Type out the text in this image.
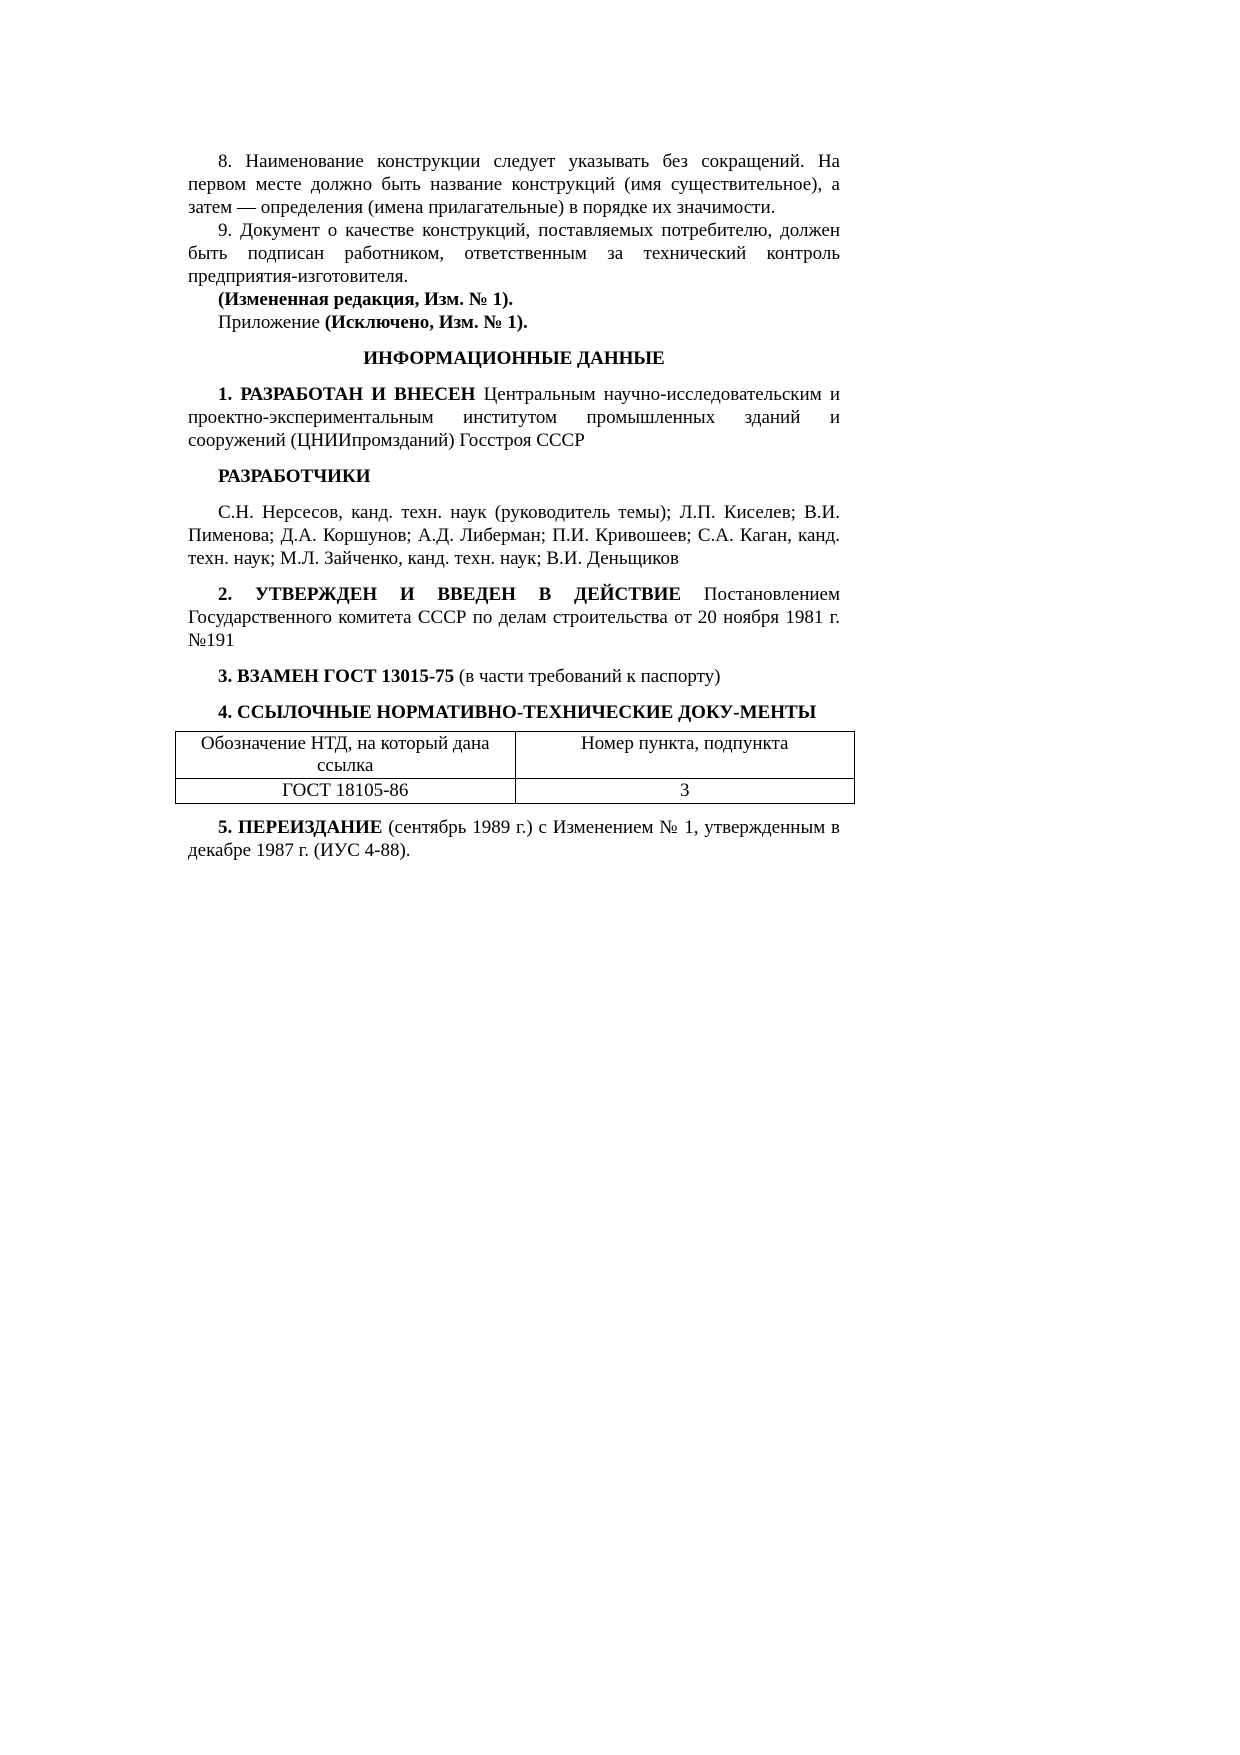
8. Наименование конструкции следует указывать без сокращений. На первом месте должно быть название конструкций (имя существительное), а затем — определения (имена прилагательные) в порядке их значимости.

9. Документ о качестве конструкций, поставляемых потребителю, должен быть подписан работником, ответственным за технический контроль предприятия-изготовителя.

(Измененная редакция, Изм. № 1).

Приложение (Исключено, Изм. № 1).

ИНФОРМАЦИОННЫЕ ДАННЫЕ

1. РАЗРАБОТАН И ВНЕСЕН Центральным научно-исследовательским и проектно-экспериментальным институтом промышленных зданий и сооружений (ЦНИИпромзданий) Госстроя СССР

РАЗРАБОТЧИКИ

С.Н. Нерсесов, канд. техн. наук (руководитель темы); Л.П. Киселев; В.И. Пименова; Д.А. Коршунов; А.Д. Либерман; П.И. Кривошеев; С.А. Каган, канд. техн. наук; М.Л. Зайченко, канд. техн. наук; В.И. Деньщиков

2. УТВЕРЖДЕН И ВВЕДЕН В ДЕЙСТВИЕ Постановлением Государственного комитета СССР по делам строительства от 20 ноября 1981 г. №191

3. ВЗАМЕН ГОСТ 13015-75 (в части требований к паспорту)

4. ССЫЛОЧНЫЕ НОРМАТИВНО-ТЕХНИЧЕСКИЕ ДОКУ-МЕНТЫ

Обозначение НТД, на который дана ссылка	Номер пункта, подпункта
ГОСТ 18105-86	3

5. ПЕРЕИЗДАНИЕ (сентябрь 1989 г.) с Изменением № 1, утвержденным в декабре 1987 г. (ИУС 4-88).
